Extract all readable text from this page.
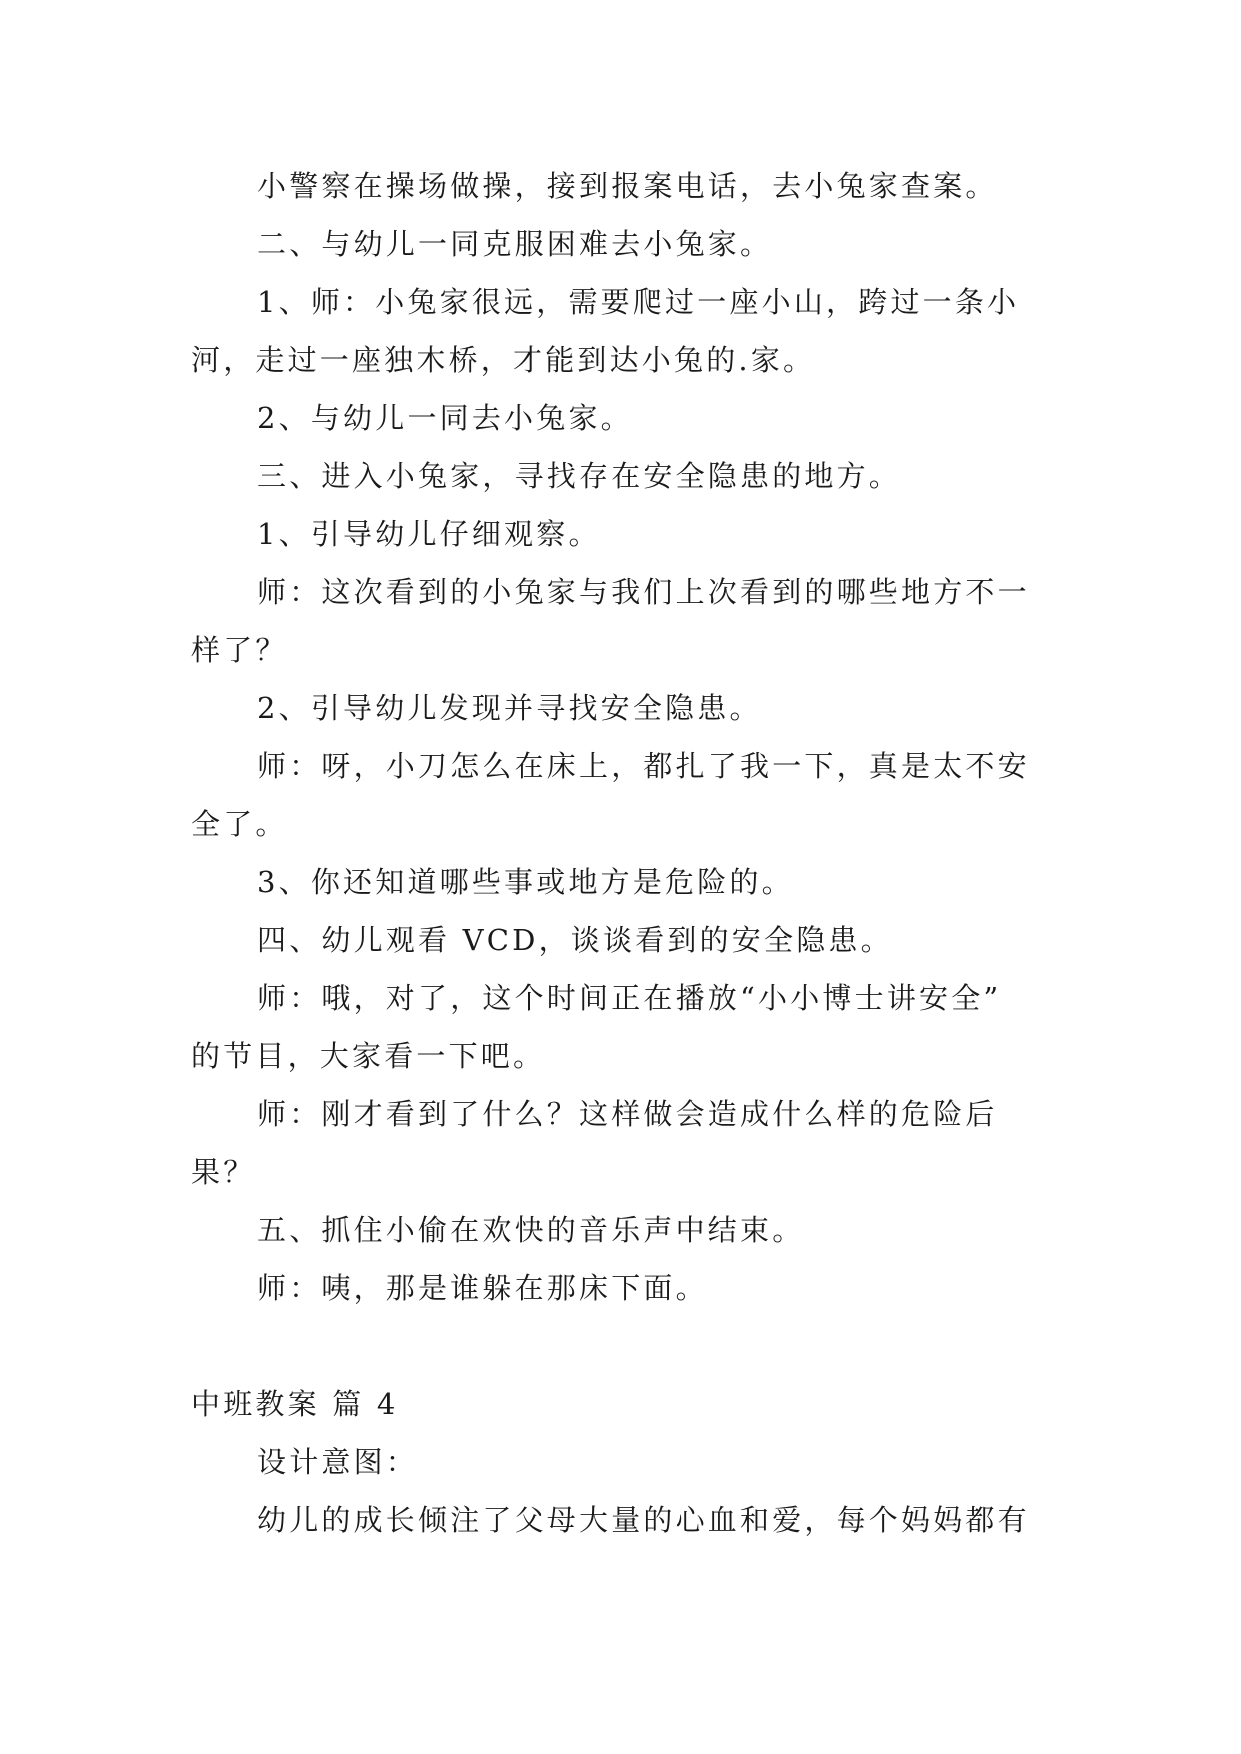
小警察在操场做操，接到报案电话，去小兔家查案。
二、与幼儿一同克服困难去小兔家。
1、师：小兔家很远，需要爬过一座小山，跨过一条小
河，走过一座独木桥，才能到达小兔的.家。
2、与幼儿一同去小兔家。
三、进入小兔家，寻找存在安全隐患的地方。
1、引导幼儿仔细观察。
师：这次看到的小兔家与我们上次看到的哪些地方不一
样了？
2、引导幼儿发现并寻找安全隐患。
师：呀，小刀怎么在床上，都扎了我一下，真是太不安
全了。
3、你还知道哪些事或地方是危险的。
四、幼儿观看 VCD，谈谈看到的安全隐患。
师：哦，对了，这个时间正在播放“小小博士讲安全”
的节目，大家看一下吧。
师：刚才看到了什么？这样做会造成什么样的危险后
果？
五、抓住小偷在欢快的音乐声中结束。
师：咦，那是谁躲在那床下面。
中班教案 篇 4
设计意图：
幼儿的成长倾注了父母大量的心血和爱，每个妈妈都有
